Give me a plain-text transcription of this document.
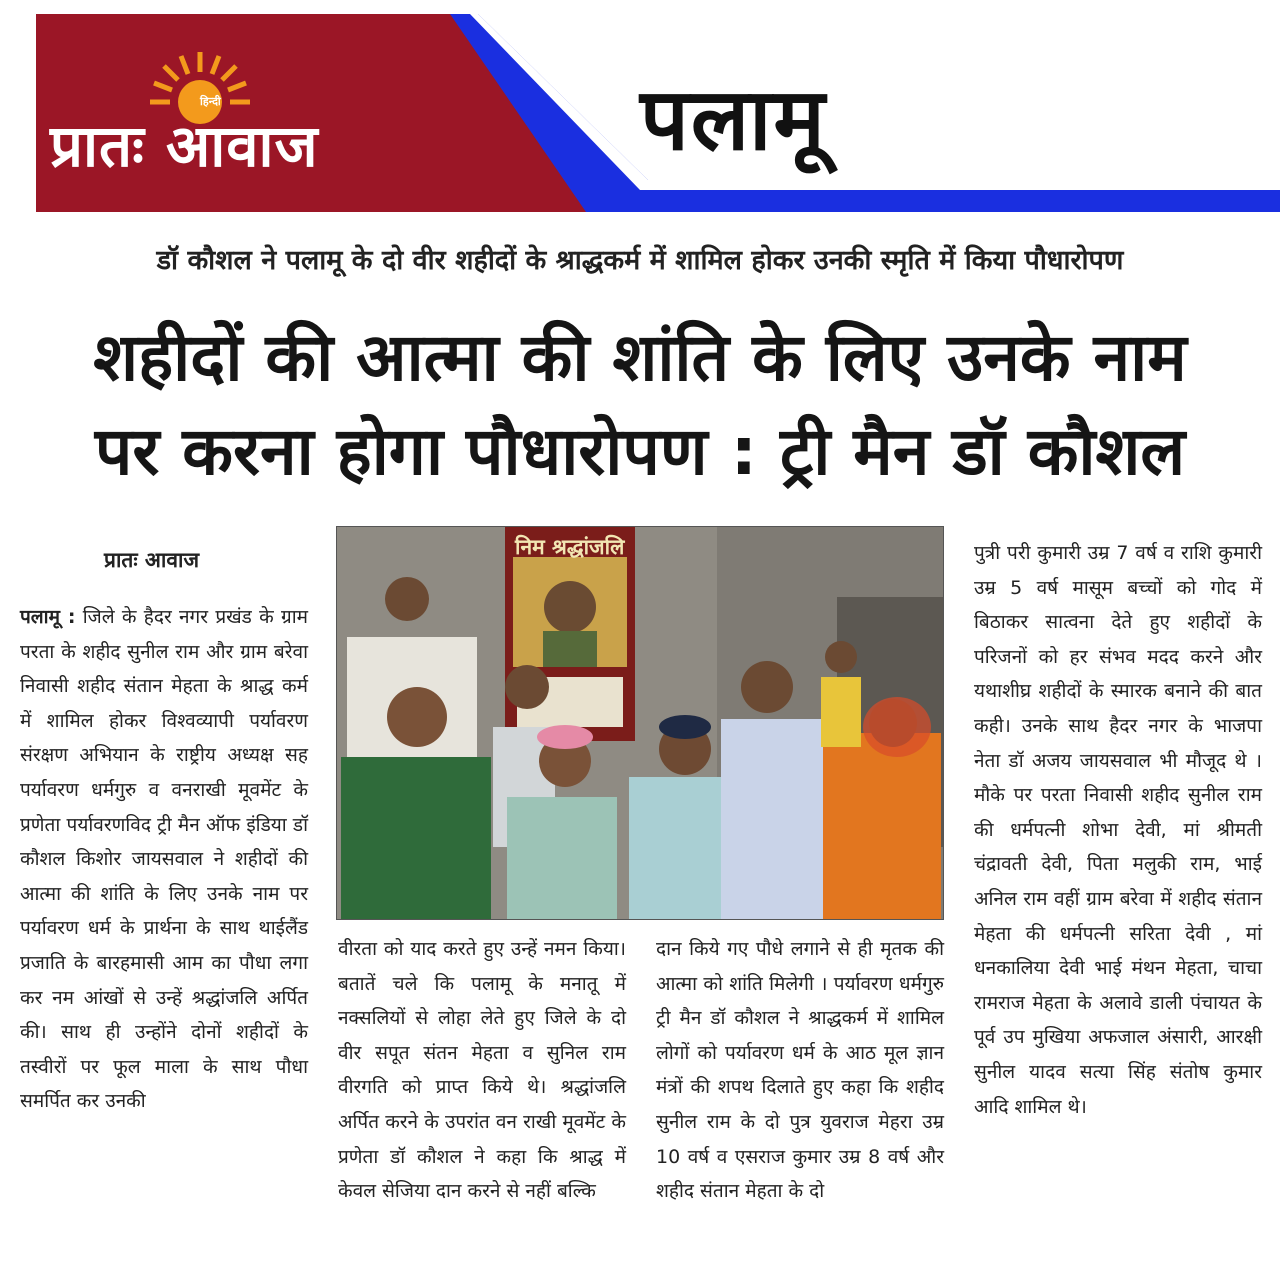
हिन्दी
प्रातः आवाज	पलामू
डॉ कौशल ने पलामू के दो वीर शहीदों के श्राद्धकर्म में शामिल होकर उनकी स्मृति में किया पौधारोपण
शहीदों की आत्मा की शांति के लिए उनके नाम
पर करना होगा पौधारोपण : ट्री मैन डॉ कौशल
प्रातः आवाज

पलामू : जिले के हैदर नगर प्रखंड के ग्राम परता के शहीद सुनील राम और ग्राम बरेवा निवासी शहीद संतान मेहता के श्राद्ध कर्म में शामिल होकर विश्वव्यापी पर्यावरण संरक्षण अभियान के राष्ट्रीय अध्यक्ष सह पर्यावरण धर्मगुरु व वनराखी मूवमेंट के प्रणेता पर्यावरणविद ट्री मैन ऑफ इंडिया डॉ कौशल किशोर जायसवाल ने शहीदों की आत्मा की शांति के लिए उनके नाम पर पर्यावरण धर्म के प्रार्थना के साथ थाईलैंड प्रजाति के बारहमासी आम का पौधा लगा कर नम आंखों से उन्हें श्रद्धांजलि अर्पित की। साथ ही उन्होंने दोनों शहीदों के तस्वीरों पर फूल माला के साथ पौधा समर्पित कर उनकी

निम श्रद्धांजलि

वीरता को याद करते हुए उन्हें नमन किया। बतातें चले कि पलामू के मनातू में नक्सलियों से लोहा लेते हुए जिले के दो वीर सपूत संतन मेहता व सुनिल राम वीरगति को प्राप्त किये थे। श्रद्धांजलि अर्पित करने के उपरांत वन राखी मूवमेंट के प्रणेता डॉ कौशल ने कहा कि श्राद्ध में केवल सेजिया दान करने से नहीं बल्कि

दान किये गए पौधे लगाने से ही मृतक की आत्मा को शांति मिलेगी । पर्यावरण धर्मगुरु ट्री मैन डॉ कौशल ने श्राद्धकर्म में शामिल लोगों को पर्यावरण धर्म के आठ मूल ज्ञान मंत्रों की शपथ दिलाते हुए कहा कि शहीद सुनील राम के दो पुत्र युवराज मेहरा उम्र 10 वर्ष व एसराज कुमार उम्र 8 वर्ष और शहीद संतान मेहता के दो

पुत्री परी कुमारी उम्र 7 वर्ष व राशि कुमारी उम्र 5 वर्ष मासूम बच्चों को गोद में बिठाकर सात्वना देते हुए शहीदों के परिजनों को हर संभव मदद करने और यथाशीघ्र शहीदों के स्मारक बनाने की बात कही। उनके साथ हैदर नगर के भाजपा नेता डॉ अजय जायसवाल भी मौजूद थे । मौके पर परता निवासी शहीद सुनील राम की धर्मपत्नी शोभा देवी, मां श्रीमती चंद्रावती देवी, पिता मलुकी राम, भाई अनिल राम वहीं ग्राम बरेवा में शहीद संतान मेहता की धर्मपत्नी सरिता देवी , मां धनकालिया देवी भाई मंथन मेहता, चाचा रामराज मेहता के अलावे डाली पंचायत के पूर्व उप मुखिया अफजाल अंसारी, आरक्षी सुनील यादव सत्या सिंह संतोष कुमार आदि शामिल थे।
